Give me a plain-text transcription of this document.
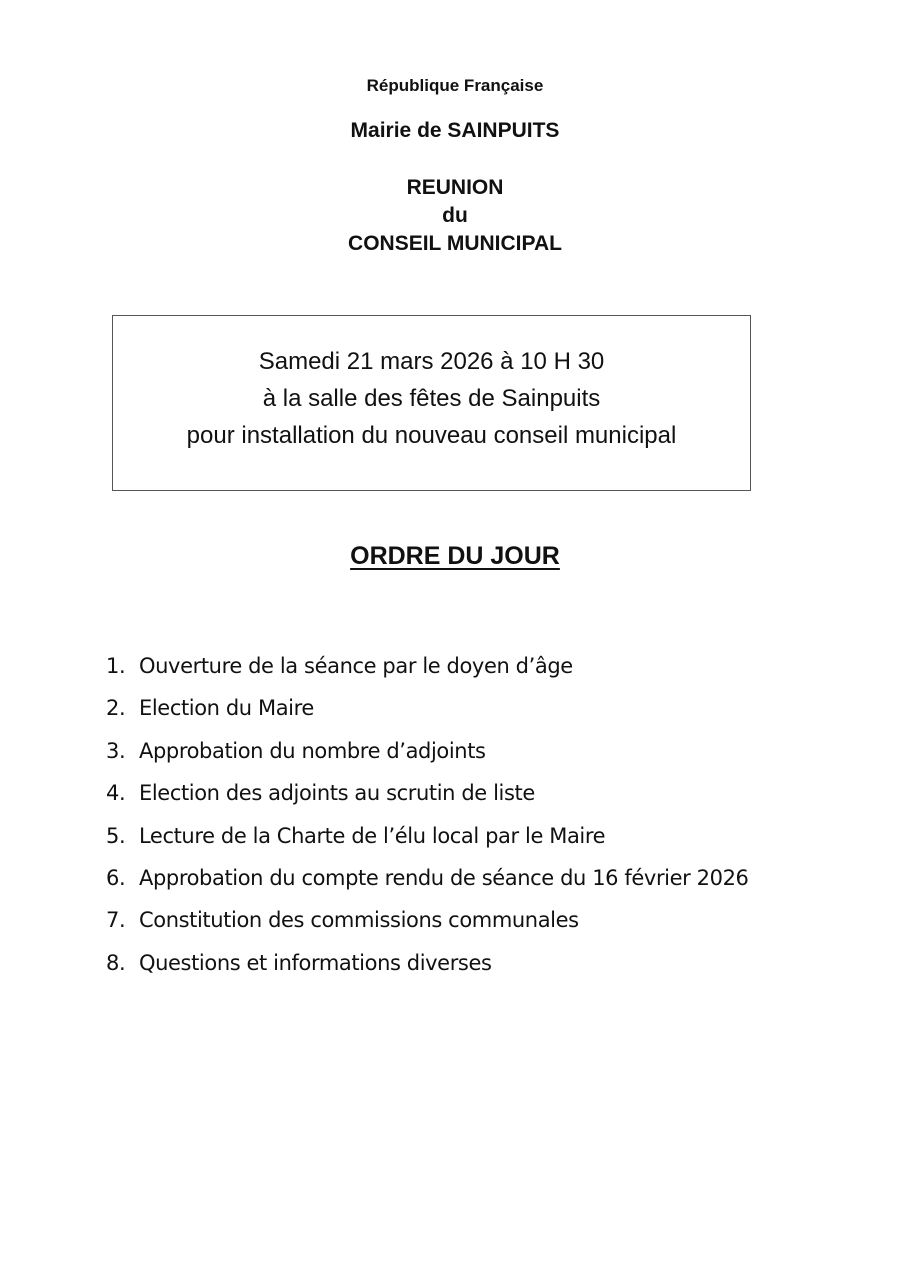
République Française
Mairie de SAINPUITS
REUNION
du
CONSEIL MUNICIPAL
Samedi 21 mars 2026 à 10 H 30
à la salle des fêtes de Sainpuits
pour installation du nouveau conseil municipal
ORDRE DU JOUR
1. Ouverture de la séance par le doyen d’âge
2. Election du Maire
3. Approbation du nombre d’adjoints
4. Election des adjoints au scrutin de liste
5. Lecture de la Charte de l’élu local par le Maire
6. Approbation du compte rendu de séance du 16 février 2026
7. Constitution des commissions communales
8. Questions et informations diverses
